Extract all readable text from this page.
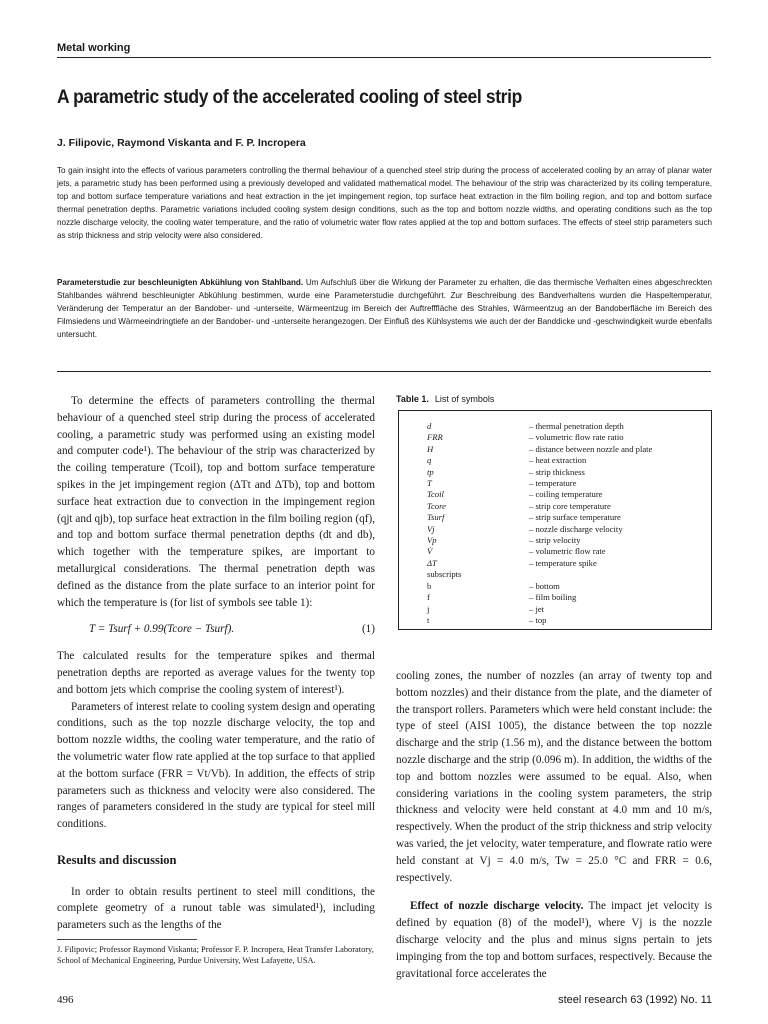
Metal working
A parametric study of the accelerated cooling of steel strip
J. Filipovic, Raymond Viskanta and F. P. Incropera

To gain insight into the effects of various parameters controlling the thermal behaviour of a quenched steel strip during the process of accelerated cooling by an array of planar water jets, a parametric study has been performed using a previously developed and validated mathematical model. The behaviour of the strip was characterized by its coiling temperature, top and bottom surface temperature variations and heat extraction in the jet impingement region, top surface heat extraction in the film boiling region, and top and bottom surface thermal penetration depths. Parametric variations included cooling system design conditions, such as the top and bottom nozzle widths, and operating conditions such as the top nozzle discharge velocity, the cooling water temperature, and the ratio of volumetric water flow rates applied at the top and bottom surfaces. The effects of steel strip parameters such as strip thickness and strip velocity were also considered.

Parameterstudie zur beschleunigten Abkühlung von Stahlband. Um Aufschluß über die Wirkung der Parameter zu erhalten, die das thermische Verhalten eines abgeschreckten Stahlbandes während beschleunigter Abkühlung bestimmen, wurde eine Parameterstudie durchgeführt. Zur Beschreibung des Bandverhaltens wurden die Haspeltemperatur, Veränderung der Temperatur an der Bandober- und -unterseite, Wärmeentzug im Bereich der Auftrefffläche des Strahles, Wärmeentzug an der Bandoberfläche im Bereich des Filmsiedens und Wärmeeindringtiefe an der Bandober- und -unterseite herangezogen. Der Einfluß des Kühlsystems wie auch der der Banddicke und -geschwindigkeit wurde ebenfalls untersucht.

To determine the effects of parameters controlling the thermal behaviour of a quenched steel strip during the process of accelerated cooling, a parametric study was performed using an existing model and computer code¹). The behaviour of the strip was characterized by the coiling temperature (Tcoil), top and bottom surface temperature spikes in the jet impingement region (ΔTt and ΔTb), top and bottom surface heat extraction due to convection in the impingement region (qjt and qjb), top surface heat extraction in the film boiling region (qf), and top and bottom surface thermal penetration depths (dt and db), which together with the temperature spikes, are important to metallurgical considerations. The thermal penetration depth was defined as the distance from the plate surface to an interior point for which the temperature is (for list of symbols see table 1):

T = Tsurf + 0.99(Tcore − Tsurf).	(1)

The calculated results for the temperature spikes and thermal penetration depths are reported as average values for the twenty top and bottom jets which comprise the cooling system of interest¹).

Parameters of interest relate to cooling system design and operating conditions, such as the top nozzle discharge velocity, the top and bottom nozzle widths, the cooling water temperature, and the ratio of the volumetric water flow rate applied at the top surface to that applied at the bottom surface (FRR = Vt/Vb). In addition, the effects of strip parameters such as thickness and velocity were also considered. The ranges of parameters considered in the study are typical for steel mill conditions.

Results and discussion

In order to obtain results pertinent to steel mill conditions, the complete geometry of a runout table was simulated¹), including parameters such as the lengths of the

J. Filipovic; Professor Raymond Viskanta; Professor F. P. Incropera, Heat Transfer Laboratory, School of Mechanical Engineering, Purdue University, West Lafayette, USA.
Table 1. List of symbols
d	– thermal penetration depth
FRR	– volumetric flow rate ratio
H	– distance between nozzle and plate
q	– heat extraction
tp	– strip thickness
T	– temperature
Tcoil	– coiling temperature
Tcore	– strip core temperature
Tsurf	– strip surface temperature
Vj	– nozzle discharge velocity
Vp	– strip velocity
V̇	– volumetric flow rate
ΔT	– temperature spike
subscripts
b	– bottom
f	– film boiling
j	– jet
t	– top

cooling zones, the number of nozzles (an array of twenty top and bottom nozzles) and their distance from the plate, and the diameter of the transport rollers. Parameters which were held constant include: the type of steel (AISI 1005), the distance between the top nozzle discharge and the strip (1.56 m), and the distance between the bottom nozzle discharge and the strip (0.096 m). In addition, the widths of the top and bottom nozzles were assumed to be equal. Also, when considering variations in the cooling system parameters, the strip thickness and velocity were held constant at 4.0 mm and 10 m/s, respectively. When the product of the strip thickness and strip velocity was varied, the jet velocity, water temperature, and flowrate ratio were held constant at Vj = 4.0 m/s, Tw = 25.0 °C and FRR = 0.6, respectively.

Effect of nozzle discharge velocity. The impact jet velocity is defined by equation (8) of the model¹), where Vj is the nozzle discharge velocity and the plus and minus signs pertain to jets impinging from the top and bottom surfaces, respectively. Because the gravitational force accelerates the

496	steel research 63 (1992) No. 11
